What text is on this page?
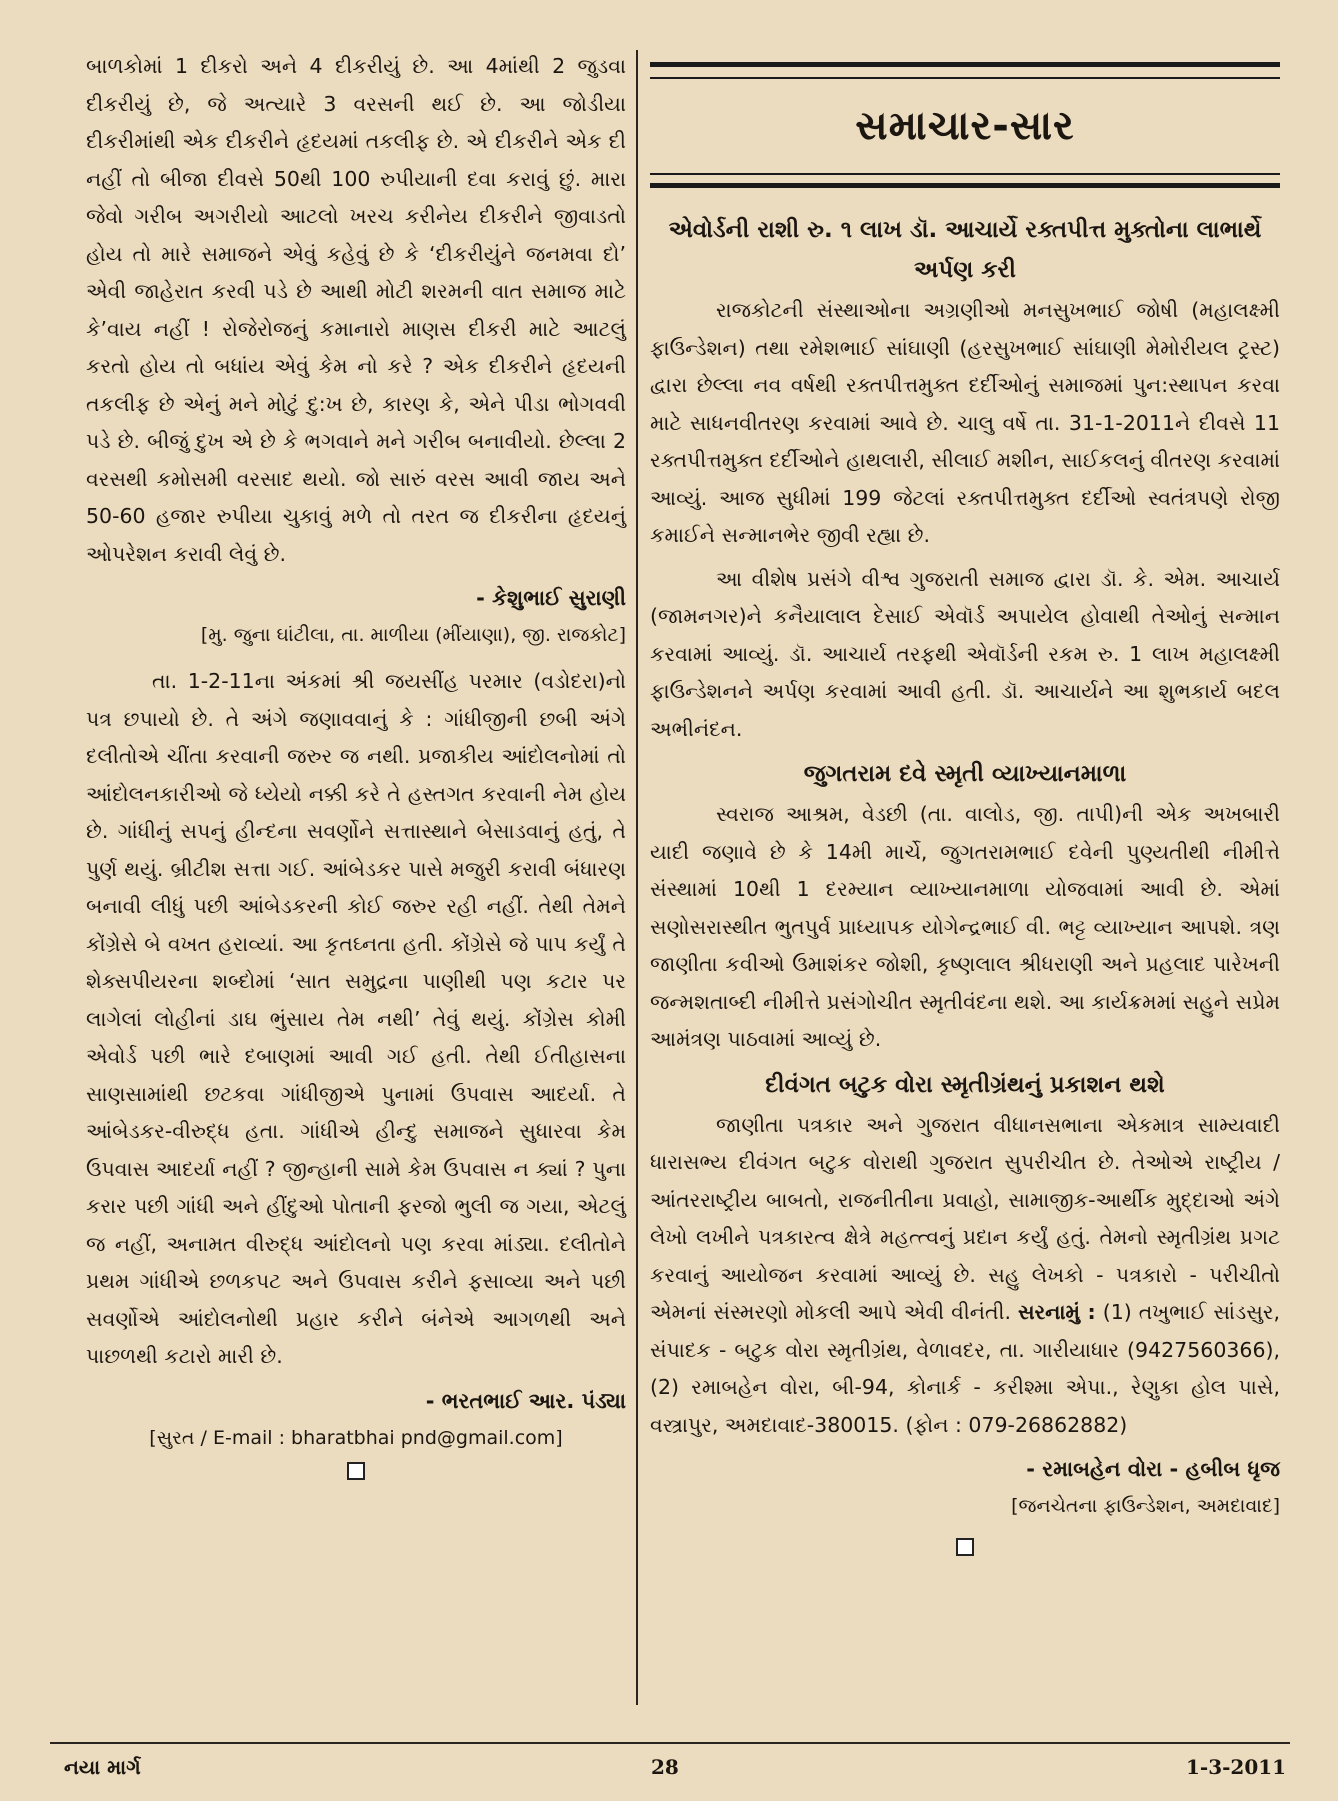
બાળકોમાં 1 દીકરો અને 4 દીકરીયું છે. આ 4માંથી 2 જુડવા દીકરીયું છે, જે અત્યારે 3 વરસની થઈ છે. આ જોડીયા દીકરીમાંથી એક દીકરીને હૃદયમાં તકલીફ છે. એ દીકરીને એક દી નહીં તો બીજા દીવસે 50થી 100 રુપીયાની દવા કરાવું છું. મારા જેવો ગરીબ અગરીયો આટલો ખરચ કરીનેય દીકરીને જીવાડતો હોય તો મારે સમાજને એવું કહેવું છે કે ‘દીકરીયુંને જનમવા દો’ એવી જાહેરાત કરવી પડે છે આથી મોટી શરમની વાત સમાજ માટે કે’વાય નહીં ! રોજેરોજનું કમાનારો માણસ દીકરી માટે આટલું કરતો હોય તો બધાંય એવું કેમ નો કરે ? એક દીકરીને હૃદયની તકલીફ છે એનું મને મોટું દુ:ખ છે, કારણ કે, એને પીડા ભોગવવી પડે છે. બીજું દુખ એ છે કે ભગવાને મને ગરીબ બનાવીયો. છેલ્લા 2 વરસથી કમોસમી વરસાદ થયો. જો સારું વરસ આવી જાય અને 50-60 હજાર રુપીયા ચુકાવું મળે તો તરત જ દીકરીના હૃદયનું ઓપરેશન કરાવી લેવું છે.

- કેશુભાઈ સુરાણી

[મુ. જુના ઘાંટીલા, તા. માળીયા (મીંયાણા), જી. રાજકોટ]

તા. 1-2-11ના અંકમાં શ્રી જયસીંહ પરમાર (વડોદરા)નો પત્ર છપાયો છે. તે અંગે જણાવવાનું કે : ગાંધીજીની છબી અંગે દલીતોએ ચીંતા કરવાની જરુર જ નથી. પ્રજાકીય આંદોલનોમાં તો આંદોલનકારીઓ જે ધ્યેયો નક્કી કરે તે હસ્તગત કરવાની નેમ હોય છે. ગાંધીનું સપનું હીન્દના સવર્ણોને સત્તાસ્થાને બેસાડવાનું હતું, તે પુર્ણ થયું. બ્રીટીશ સત્તા ગઈ. આંબેડકર પાસે મજુરી કરાવી બંધારણ બનાવી લીધું પછી આંબેડકરની કોઈ જરુર રહી નહીં. તેથી તેમને કોંગ્રેસે બે વખત હરાવ્યાં. આ કૃતઘ્નતા હતી. કોંગ્રેસે જે પાપ કર્યું તે શેક્સપીયરના શબ્દોમાં ‘સાત સમુદ્રના પાણીથી પણ કટાર પર લાગેલાં લોહીનાં ડાઘ ભુંસાય તેમ નથી’ તેવું થયું. કોંગ્રેસ કોમી એવોર્ડ પછી ભારે દબાણમાં આવી ગઈ હતી. તેથી ઈતીહાસના સાણસામાંથી છટકવા ગાંધીજીએ પુનામાં ઉપવાસ આદર્યા. તે આંબેડકર-વીરુદ્ધ હતા. ગાંધીએ હીન્દુ સમાજને સુધારવા કેમ ઉપવાસ આદર્યા નહીં ? જીન્હાની સામે કેમ ઉપવાસ ન ક્યાં ? પુના કરાર પછી ગાંધી અને હીંદુઓ પોતાની ફરજો ભુલી જ ગયા, એટલું જ નહીં, અનામત વીરુદ્ધ આંદોલનો પણ કરવા માંડ્યા. દલીતોને પ્રથમ ગાંધીએ છળકપટ અને ઉપવાસ કરીને ફસાવ્યા અને પછી સવર્ણોએ આંદોલનોથી પ્રહાર કરીને બંનેએ આગળથી અને પાછળથી કટારો મારી છે.

- ભરતભાઈ આર. પંડ્યા

[સુરત / E-mail : bharatbhai pnd@gmail.com]

સમાચાર-સાર
એવોર્ડની રાશી રુ. ૧ લાખ ડૉ. આચાર્યે રક્તપીત્ત મુક્તોના લાભાર્થે અર્પણ કરી

રાજકોટની સંસ્થાઓના અગ્રણીઓ મનસુખભાઈ જોષી (મહાલક્ષ્મી ફાઉન્ડેશન) તથા રમેશભાઈ સાંઘાણી (હરસુખભાઈ સાંઘાણી મેમોરીયલ ટ્રસ્ટ) દ્વારા છેલ્લા નવ વર્ષથી રક્તપીત્તમુક્ત દર્દીઓનું સમાજમાં પુન:સ્થાપન કરવા માટે સાધનવીતરણ કરવામાં આવે છે. ચાલુ વર્ષે તા. 31-1-2011ને દીવસે 11 રક્તપીત્તમુક્ત દર્દીઓને હાથલારી, સીલાઈ મશીન, સાઈકલનું વીતરણ કરવામાં આવ્યું. આજ સુધીમાં 199 જેટલાં રક્તપીત્તમુક્ત દર્દીઓ સ્વતંત્રપણે રોજી કમાઈને સન્માનભેર જીવી રહ્યા છે.

આ વીશેષ પ્રસંગે વીશ્વ ગુજરાતી સમાજ દ્વારા ડૉ. કે. એમ. આચાર્ય (જામનગર)ને કનૈયાલાલ દેસાઈ એવૉર્ડ અપાયેલ હોવાથી તેઓનું સન્માન કરવામાં આવ્યું. ડૉ. આચાર્ય તરફથી એવૉર્ડની રકમ રુ. 1 લાખ મહાલક્ષ્મી ફાઉન્ડેશનને અર્પણ કરવામાં આવી હતી. ડૉ. આચાર્યને આ શુભકાર્ય બદલ અભીનંદન.

જુગતરામ દવે સ્મૃતી વ્યાખ્યાનમાળા

સ્વરાજ આશ્રમ, વેડછી (તા. વાલોડ, જી. તાપી)ની એક અખબારી યાદી જણાવે છે કે 14મી માર્ચે, જુગતરામભાઈ દવેની પુણ્યતીથી નીમીત્તે સંસ્થામાં 10થી 1 દરમ્યાન વ્યાખ્યાનમાળા યોજવામાં આવી છે. એમાં સણોસરાસ્થીત ભુતપુર્વ પ્રાધ્યાપક યોગેન્દ્રભાઈ વી. ભટ્ટ વ્યાખ્યાન આપશે. ત્રણ જાણીતા કવીઓ ઉમાશંકર જોશી, કૃષ્ણલાલ શ્રીધરાણી અને પ્રહલાદ પારેખની જન્મશતાબ્દી નીમીત્તે પ્રસંગોચીત સ્મૃતીવંદના થશે. આ કાર્યક્રમમાં સહુને સપ્રેમ આમંત્રણ પાઠવામાં આવ્યું છે.

દીવંગત બટુક વોરા સ્મૃતીગ્રંથનું પ્રકાશન થશે

જાણીતા પત્રકાર અને ગુજરાત વીધાનસભાના એકમાત્ર સામ્યવાદી ધારાસભ્ય દીવંગત બટુક વોરાથી ગુજરાત સુપરીચીત છે. તેઓએ રાષ્ટ્રીય / આંતરરાષ્ટ્રીય બાબતો, રાજનીતીના પ્રવાહો, સામાજીક-આર્થીક મુદ્દાઓ અંગે લેખો લખીને પત્રકારત્વ ક્ષેત્રે મહત્ત્વનું પ્રદાન કર્યું હતું. તેમનો સ્મૃતીગ્રંથ પ્રગટ કરવાનું આયોજન કરવામાં આવ્યું છે. સહુ લેખકો - પત્રકારો - પરીચીતો એમનાં સંસ્મરણો મોકલી આપે એવી વીનંતી. સરનામું : (1) તખુભાઈ સાંડસુર, સંપાદક - બટુક વોરા સ્મૃતીગ્રંથ, વેળાવદર, તા. ગારીયાધાર (9427560366), (2) રમાબહેન વોરા, બી-94, કોનાર્ક - કરીશ્મા એપા., રેણુકા હોલ પાસે, વસ્ત્રાપુર, અમદાવાદ-380015. (ફોન : 079-26862882)

- રમાબહેન વોરા - હબીબ ધૃજ

[જનચેતના ફાઉન્ડેશન, અમદાવાદ]

નયા માર્ગ	28	1-3-2011
